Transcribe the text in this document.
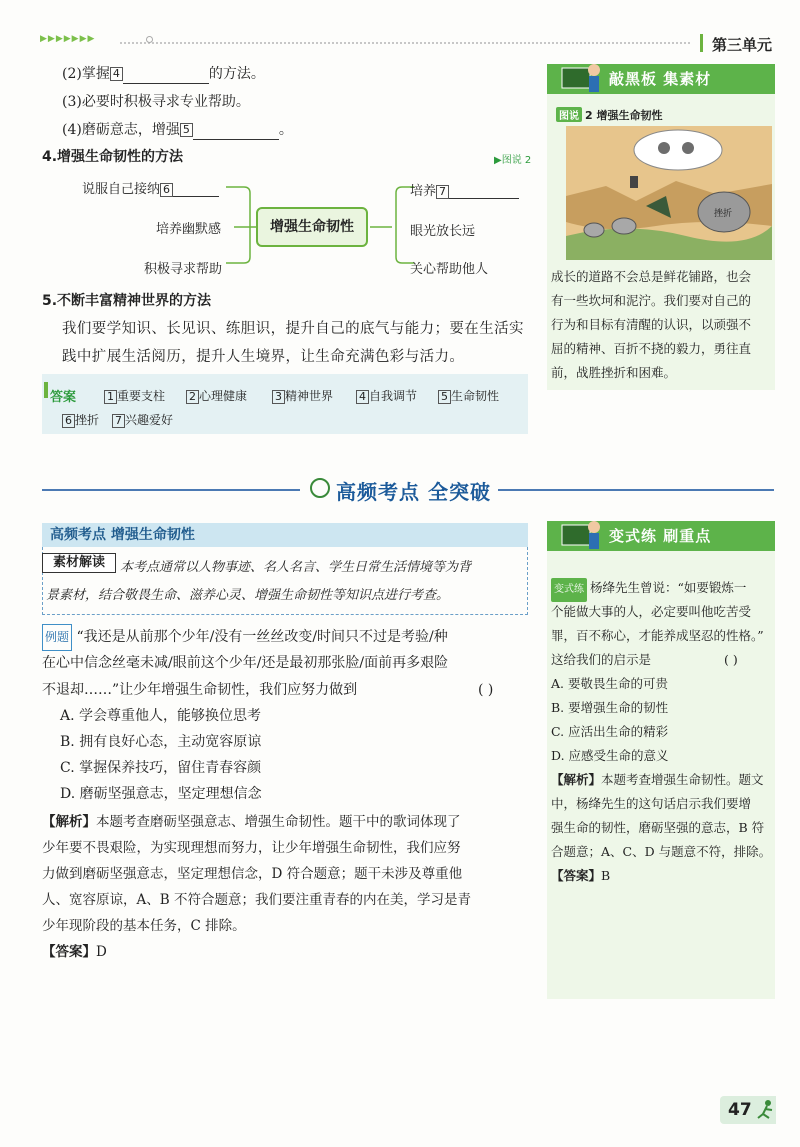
▶▶▶▶▶▶▶	第三单元
(2)掌握 4	的方法。
(3)必要时积极寻求专业帮助。
(4)磨砺意志，增强 5	。
4.增强生命韧性的方法	▶图说 2
增强生命韧性
说服自己接纳 6
培养幽默感
积极寻求帮助
培养 7
眼光放长远
关心帮助他人
5.不断丰富精神世界的方法
我们要学知识、长见识、练胆识，提升自己的底气与能力；要在生活实
践中扩展生活阅历，提升人生境界，让生命充满色彩与活力。
答案	1 重要支柱 2 心理健康	3 精神世界 4 自我调节 5 生命韧性
6 挫折 7 兴趣爱好
敲黑板 集素材
图说 2 增强生命韧性
挫折
成长的道路不会总是鲜花铺路，也会
有一些坎坷和泥泞。我们要对自己的
行为和目标有清醒的认识，以顽强不
屈的精神、百折不挠的毅力，勇往直
前，战胜挫折和困难。
高频考点 全突破
高频考点 增强生命韧性
素材解读	本考点通常以人物事迹、名人名言、学生日常生活情境等为背
景素材，结合敬畏生命、滋养心灵、增强生命韧性等知识点进行考查。
例题 “我还是从前那个少年/没有一丝丝改变/时间只不过是考验/种
在心中信念丝毫未减/眼前这个少年/还是最初那张脸/面前再多艰险
不退却……”让少年增强生命韧性，我们应努力做到	( )
A. 学会尊重他人，能够换位思考
B. 拥有良好心态，主动宽容原谅
C. 掌握保养技巧，留住青春容颜
D. 磨砺坚强意志，坚定理想信念
【解析】本题考查磨砺坚强意志、增强生命韧性。题干中的歌词体现了
少年要不畏艰险，为实现理想而努力，让少年增强生命韧性，我们应努
力做到磨砺坚强意志，坚定理想信念，D 符合题意；题干未涉及尊重他
人、宽容原谅，A、B 不符合题意；我们要注重青春的内在美，学习是青
少年现阶段的基本任务，C 排除。
【答案】D
变式练 刷重点
变式练 杨绛先生曾说：“如要锻炼一
个能做大事的人，必定要叫他吃苦受
罪，百不称心，才能养成坚忍的性格。”
这给我们的启示是	( )
A. 要敬畏生命的可贵
B. 要增强生命的韧性
C. 应活出生命的精彩
D. 应感受生命的意义
【解析】本题考查增强生命韧性。题文
中，杨绛先生的这句话启示我们要增
强生命的韧性，磨砺坚强的意志，B 符
合题意；A、C、D 与题意不符，排除。
【答案】B
47
